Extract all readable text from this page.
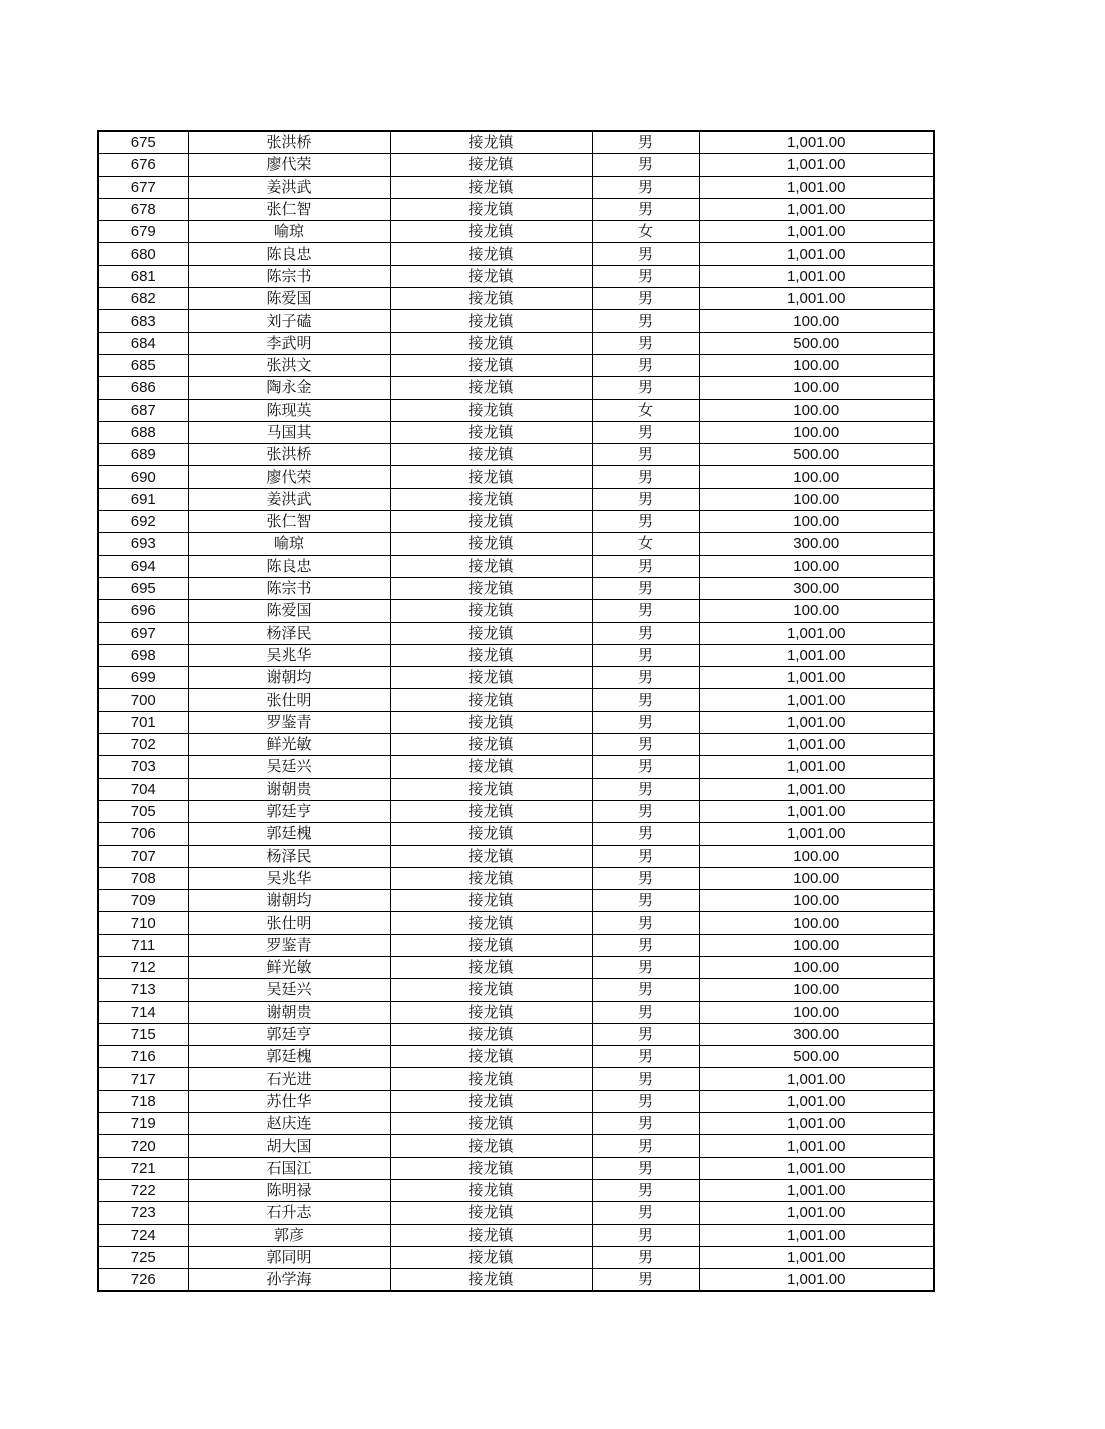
675	张洪桥	接龙镇	男	1,001.00
676	廖代荣	接龙镇	男	1,001.00
677	姜洪武	接龙镇	男	1,001.00
678	张仁智	接龙镇	男	1,001.00
679	喻琼	接龙镇	女	1,001.00
680	陈良忠	接龙镇	男	1,001.00
681	陈宗书	接龙镇	男	1,001.00
682	陈爱国	接龙镇	男	1,001.00
683	刘子磕	接龙镇	男	100.00
684	李武明	接龙镇	男	500.00
685	张洪文	接龙镇	男	100.00
686	陶永金	接龙镇	男	100.00
687	陈现英	接龙镇	女	100.00
688	马国其	接龙镇	男	100.00
689	张洪桥	接龙镇	男	500.00
690	廖代荣	接龙镇	男	100.00
691	姜洪武	接龙镇	男	100.00
692	张仁智	接龙镇	男	100.00
693	喻琼	接龙镇	女	300.00
694	陈良忠	接龙镇	男	100.00
695	陈宗书	接龙镇	男	300.00
696	陈爱国	接龙镇	男	100.00
697	杨泽民	接龙镇	男	1,001.00
698	吴兆华	接龙镇	男	1,001.00
699	谢朝均	接龙镇	男	1,001.00
700	张仕明	接龙镇	男	1,001.00
701	罗鉴青	接龙镇	男	1,001.00
702	鲜光敏	接龙镇	男	1,001.00
703	吴廷兴	接龙镇	男	1,001.00
704	谢朝贵	接龙镇	男	1,001.00
705	郭廷亨	接龙镇	男	1,001.00
706	郭廷槐	接龙镇	男	1,001.00
707	杨泽民	接龙镇	男	100.00
708	吴兆华	接龙镇	男	100.00
709	谢朝均	接龙镇	男	100.00
710	张仕明	接龙镇	男	100.00
711	罗鉴青	接龙镇	男	100.00
712	鲜光敏	接龙镇	男	100.00
713	吴廷兴	接龙镇	男	100.00
714	谢朝贵	接龙镇	男	100.00
715	郭廷亨	接龙镇	男	300.00
716	郭廷槐	接龙镇	男	500.00
717	石光进	接龙镇	男	1,001.00
718	苏仕华	接龙镇	男	1,001.00
719	赵庆连	接龙镇	男	1,001.00
720	胡大国	接龙镇	男	1,001.00
721	石国江	接龙镇	男	1,001.00
722	陈明禄	接龙镇	男	1,001.00
723	石升志	接龙镇	男	1,001.00
724	郭彦	接龙镇	男	1,001.00
725	郭同明	接龙镇	男	1,001.00
726	孙学海	接龙镇	男	1,001.00
